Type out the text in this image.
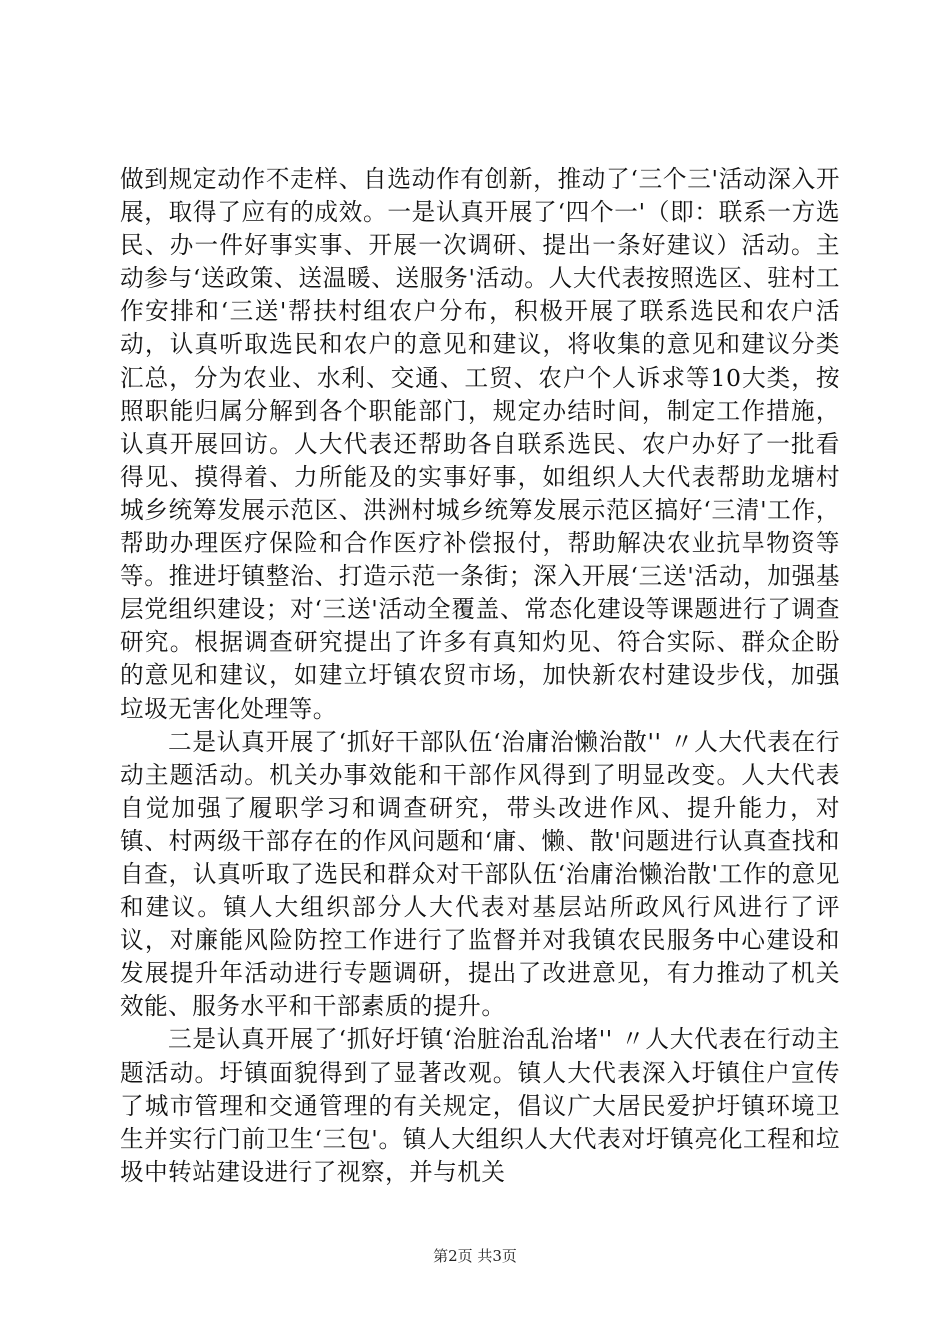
做到规定动作不走样、自选动作有创新，推动了‘三个三'活动深入开展，取得了应有的成效。一是认真开展了‘四个一'（即：联系一方选民、办一件好事实事、开展一次调研、提出一条好建议）活动。主动参与‘送政策、送温暖、送服务'活动。人大代表按照选区、驻村工作安排和‘三送'帮扶村组农户分布，积极开展了联系选民和农户活动，认真听取选民和农户的意见和建议，将收集的意见和建议分类汇总，分为农业、水利、交通、工贸、农户个人诉求等10大类，按照职能归属分解到各个职能部门，规定办结时间，制定工作措施，认真开展回访。人大代表还帮助各自联系选民、农户办好了一批看得见、摸得着、力所能及的实事好事，如组织人大代表帮助龙塘村城乡统筹发展示范区、洪洲村城乡统筹发展示范区搞好‘三清'工作，帮助办理医疗保险和合作医疗补偿报付，帮助解决农业抗旱物资等等。推进圩镇整治、打造示范一条街；深入开展‘三送'活动，加强基层党组织建设；对‘三送'活动全覆盖、常态化建设等课题进行了调查研究。根据调查研究提出了许多有真知灼见、符合实际、群众企盼的意见和建议，如建立圩镇农贸市场，加快新农村建设步伐，加强垃圾无害化处理等。

二是认真开展了‘抓好干部队伍‘治庸治懒治散'' 〃人大代表在行动主题活动。机关办事效能和干部作风得到了明显改变。人大代表自觉加强了履职学习和调查研究，带头改进作风、提升能力，对镇、村两级干部存在的作风问题和‘庸、懒、散'问题进行认真查找和自查，认真听取了选民和群众对干部队伍‘治庸治懒治散'工作的意见和建议。镇人大组织部分人大代表对基层站所政风行风进行了评议，对廉能风险防控工作进行了监督并对我镇农民服务中心建设和发展提升年活动进行专题调研，提出了改进意见，有力推动了机关效能、服务水平和干部素质的提升。

三是认真开展了‘抓好圩镇‘治脏治乱治堵'' 〃人大代表在行动主题活动。圩镇面貌得到了显著改观。镇人大代表深入圩镇住户宣传了城市管理和交通管理的有关规定，倡议广大居民爱护圩镇环境卫生并实行门前卫生‘三包'。镇人大组织人大代表对圩镇亮化工程和垃圾中转站建设进行了视察，并与机关

第2页 共3页
